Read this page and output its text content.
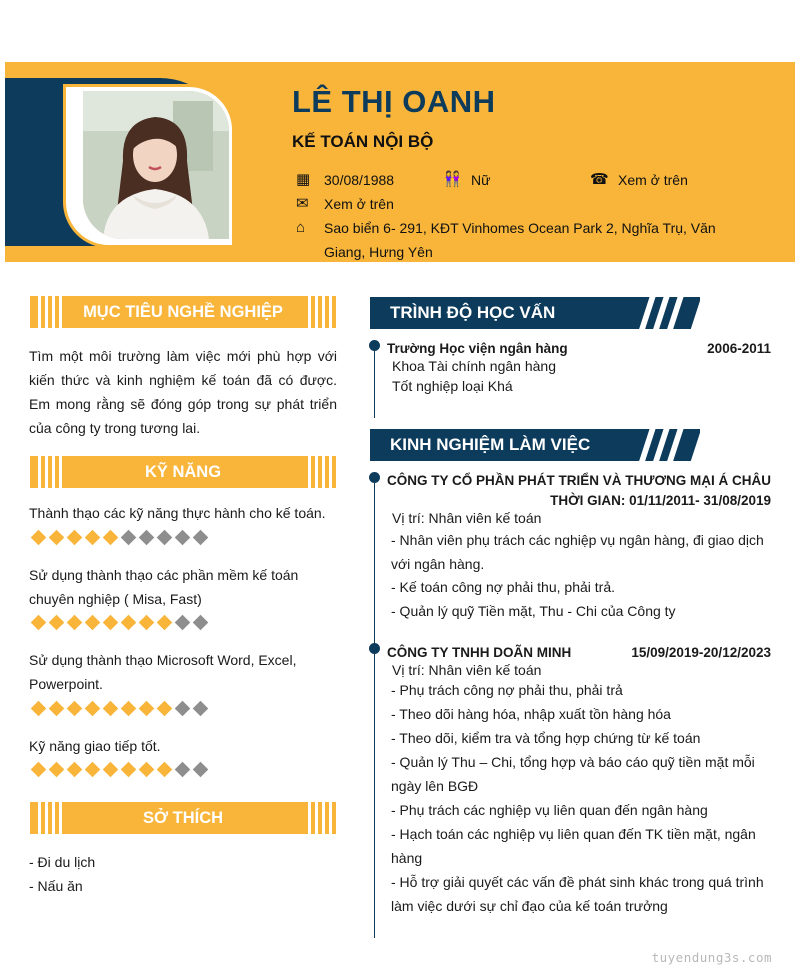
LÊ THỊ OANH
KẾ TOÁN NỘI BỘ
▦ 30/08/1988	👭 Nữ	☎ Xem ở trên
✉	Xem ở trên
⌂	Sao biển 6- 291, KĐT Vinhomes Ocean Park 2, Nghĩa Trụ, Văn
Giang, Hưng Yên
MỤC TIÊU NGHỀ NGHIỆP
Tìm một môi trường làm việc mới phù hợp với kiến thức và kinh nghiệm kế toán đã có được. Em mong rằng sẽ đóng góp trong sự phát triển của công ty trong tương lai.
KỸ NĂNG
Thành thạo các kỹ năng thực hành cho kế toán.
Sử dụng thành thạo các phần mềm kế toán chuyên nghiệp ( Misa, Fast)
Sử dụng thành thạo Microsoft Word, Excel, Powerpoint.
Kỹ năng giao tiếp tốt.
SỞ THÍCH
- Đi du lịch
- Nấu ăn
TRÌNH ĐỘ HỌC VẤN
Trường Học viện ngân hàng	2006-2011
Khoa Tài chính ngân hàng
Tốt nghiệp loại Khá
KINH NGHIỆM LÀM VIỆC
CÔNG TY CỔ PHẦN PHÁT TRIỂN VÀ THƯƠNG MẠI Á CHÂU
THỜI GIAN: 01/11/2011- 31/08/2019
Vị trí: Nhân viên kế toán
- Nhân viên phụ trách các nghiệp vụ ngân hàng, đi giao dịch với ngân hàng.
- Kế toán công nợ phải thu, phải trả.
- Quản lý quỹ Tiền mặt, Thu - Chi của Công ty
CÔNG TY TNHH DOÃN MINH	15/09/2019-20/12/2023
Vị trí: Nhân viên kế toán
- Phụ trách công nợ phải thu, phải trả
- Theo dõi hàng hóa, nhập xuất tồn hàng hóa
- Theo dõi, kiểm tra và tổng hợp chứng từ kế toán
- Quản lý Thu – Chi, tổng hợp và báo cáo quỹ tiền mặt mỗi ngày lên BGĐ
- Phụ trách các nghiệp vụ liên quan đến ngân hàng
- Hạch toán các nghiệp vụ liên quan đến TK tiền mặt, ngân hàng
- Hỗ trợ giải quyết các vấn đề phát sinh khác trong quá trình làm việc dưới sự chỉ đạo của kế toán trưởng
tuyendung3s.com
